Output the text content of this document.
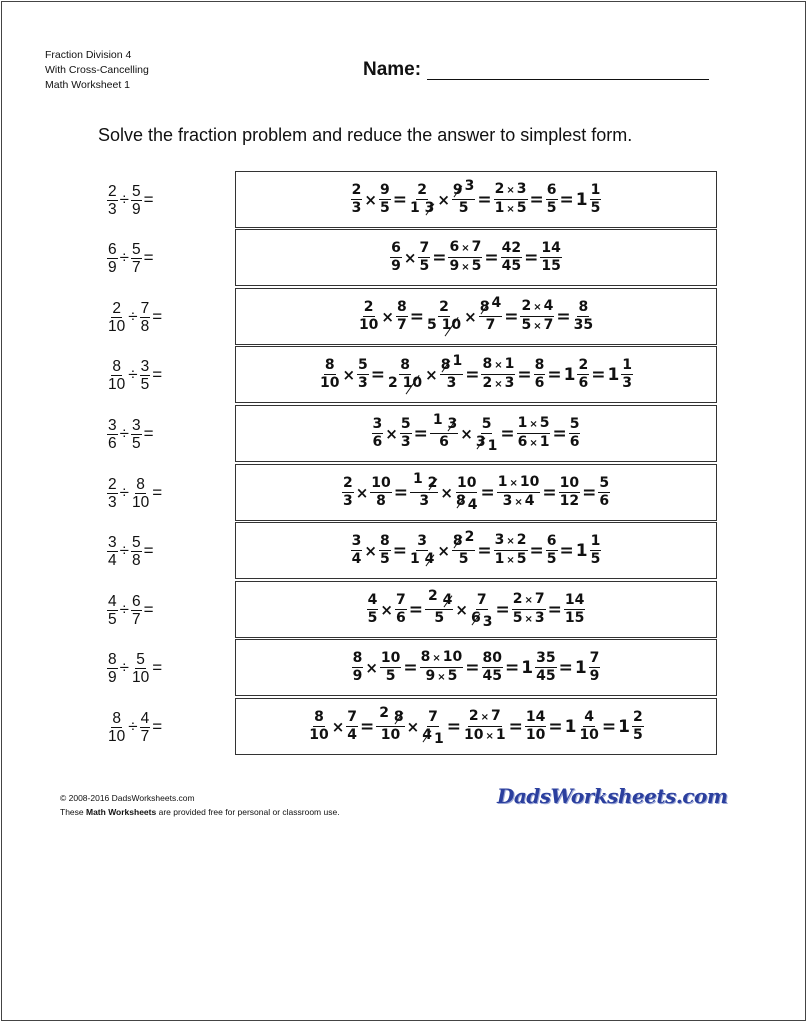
Fraction Division 4
With Cross-Cancelling
Math Worksheet 1
Name:
Solve the fraction problem and reduce the answer to simplest form.
$\frac{2}{3} \div \frac{5}{9}$ =	$\frac{2}{3} \times \frac{9}{5} = \frac{2}{1 3} \times \frac{9 3}{5} = \frac{2 \times 3}{1 \times 5} = \frac{6}{5} = 1 \frac{1}{5}$
$\frac{6}{9} \div \frac{5}{7}$ =	$\frac{6}{9} \times \frac{7}{5} = \frac{6 \times 7}{9 \times 5} = \frac{42}{45} = \frac{14}{15}$
$\frac{2}{10} \div \frac{7}{8}$ =	$\frac{2}{10} \times \frac{8}{7} = \frac{2}{5 10} \times \frac{8 4}{7} = \frac{2 \times 4}{5 \times 7} = \frac{8}{35}$
$\frac{8}{10} \div \frac{3}{5}$ =	$\frac{8}{10} \times \frac{5}{3} = \frac{8}{2 10} \times \frac{8 1}{3} = \frac{8 \times 1}{2 \times 3} = \frac{8}{6} = 1 \frac{2}{6} = 1 \frac{1}{3}$
$\frac{3}{6} \div \frac{3}{5}$ =	$\frac{3}{6} \times \frac{5}{3} = \frac{1 3}{6} \times \frac{5}{3 1} = \frac{1 \times 5}{6 \times 1} = \frac{5}{6}$
$\frac{2}{3} \div \frac{8}{10}$ =	$\frac{2}{3} \times \frac{10}{8} = \frac{1 2}{3} \times \frac{10}{8 4} = \frac{1 \times 10}{3 \times 4} = \frac{10}{12} = \frac{5}{6}$
$\frac{3}{4} \div \frac{5}{8}$ =	$\frac{3}{4} \times \frac{8}{5} = \frac{3}{1 4} \times \frac{8 2}{5} = \frac{3 \times 2}{1 \times 5} = \frac{6}{5} = 1 \frac{1}{5}$
$\frac{4}{5} \div \frac{6}{7}$ =	$\frac{4}{5} \times \frac{7}{6} = \frac{2 4}{5} \times \frac{7}{6 3} = \frac{2 \times 7}{5 \times 3} = \frac{14}{15}$
$\frac{8}{9} \div \frac{5}{10}$ =	$\frac{8}{9} \times \frac{10}{5} = \frac{8 \times 10}{9 \times 5} = \frac{80}{45} = 1 \frac{35}{45} = 1 \frac{7}{9}$
$\frac{8}{10} \div \frac{4}{7}$ =	$\frac{8}{10} \times \frac{7}{4} = \frac{2 8}{10} \times \frac{7}{4 1} = \frac{2 \times 7}{10 \times 1} = \frac{14}{10} = 1 \frac{4}{10} = 1 \frac{2}{5}$
© 2008-2016 DadsWorksheets.com
These Math Worksheets are provided free for personal or classroom use.
DadsWorksheets.com
